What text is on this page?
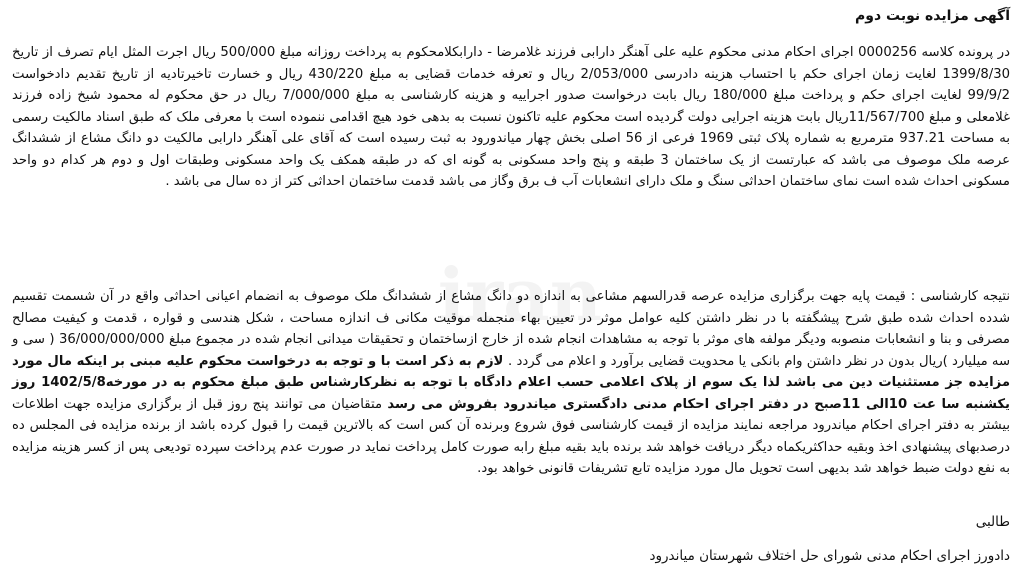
iran
آگهی مزایده نوبت دوم
در پرونده کلاسه 0000256 اجرای احکام مدنی محکوم علیه علی آهنگر دارابی فرزند غلامرضا - دارابکلامحکوم به پرداخت روزانه مبلغ 500/000 ریال اجرت المثل ایام تصرف از تاریخ 1399/8/30 لغایت زمان اجرای حکم با احتساب هزینه دادرسی 2/053/000 ریال و تعرفه خدمات قضایی به مبلغ 430/220 ریال و خسارت تاخیرتادیه از تاریخ تقدیم دادخواست 99/9/2 لغایت اجرای حکم و پرداخت مبلغ 180/000 ریال بابت درخواست صدور اجراییه و هزینه کارشناسی به مبلغ 7/000/000 ریال در حق محکوم له محمود شیخ زاده فرزند غلامعلی و مبلغ 11/567/700ریال بابت هزینه اجرایی دولت گردیده است محکوم علیه تاکنون نسبت به بدهی خود هیچ اقدامی ننموده است با معرفی ملک که طبق اسناد مالکیت رسمی به مساحت 937.21 مترمربع به شماره پلاک ثبتی 1969 فرعی از 56 اصلی بخش چهار میاندورود به ثبت رسیده است که آقای علی آهنگر دارابی مالکیت دو دانگ مشاع از ششدانگ عرصه ملک موصوف می باشد که عبارتست از یک ساختمان 3 طبقه و پنج واحد مسکونی به گونه ای که در طبقه همکف یک واحد مسکونی وطبقات اول و دوم هر کدام دو واحد مسکونی احداث شده است نمای ساختمان احداثی سنگ و ملک دارای انشعابات آب ف برق وگاز می باشد قدمت ساختمان احداثی کتر از ده سال می باشد .
نتیجه کارشناسی : قیمت پایه جهت برگزاری مزایده عرصه قدرالسهم مشاعی به اندازه دو دانگ مشاع از ششدانگ ملک موصوف به انضمام اعیانی احداثی واقع در آن شسمت تقسیم شدده احداث شده طبق شرح پیشگفته با در نظر داشتن کلیه عوامل موثر در تعیین بهاء منجمله موقیت مکانی ف اندازه مساحت ، شکل هندسی و قواره ، قدمت و کیفیت مصالح مصرفی و بنا و انشعابات منصوبه ودیگر مولفه های موثر با توجه به مشاهدات انجام شده از خارج ازساختمان و تحقیقات میدانی انجام شده در مجموع مبلغ 36/000/000/000 ( سی و سه میلیارد )ریال بدون در نظر داشتن وام بانکی یا محدویت قضایی برآورد و اعلام می گردد . لازم به ذکر است با و توجه به درخواست محکوم علیه مبنی بر اینکه مال مورد مزایده جز مستثنیات دین می باشد لذا یک سوم از پلاک اعلامی حسب اعلام دادگاه با توجه به نظرکارشناس طبق مبلغ محکوم به در مورخه1402/5/8 روز یکشنبه سا عت 10الی 11صبح در دفتر اجرای احکام مدنی دادگستری میاندرود بفروش می رسد متقاضیان می توانند پنج روز قبل از برگزاری مزایده جهت اطلاعات بیشتر به دفتر اجرای احکام میاندرود مراجعه نمایند مزایده از قیمت کارشناسی فوق شروع وبرنده آن کس است که بالاترین قیمت را قبول کرده باشد از برنده مزایده فی المجلس ده درصدبهای پیشنهادی اخذ وبقیه حداکثریکماه دیگر دریافت خواهد شد برنده باید بقیه مبلغ رابه صورت کامل پرداخت نماید در صورت عدم پرداخت سپرده تودیعی پس از کسر هزینه مزایده به نفع دولت ضبط خواهد شد بدیهی است تحویل مال مورد مزایده تابع تشریفات قانونی خواهد بود.
طالبی
دادورز اجرای احکام مدنی شورای حل اختلاف شهرستان میاندرود
